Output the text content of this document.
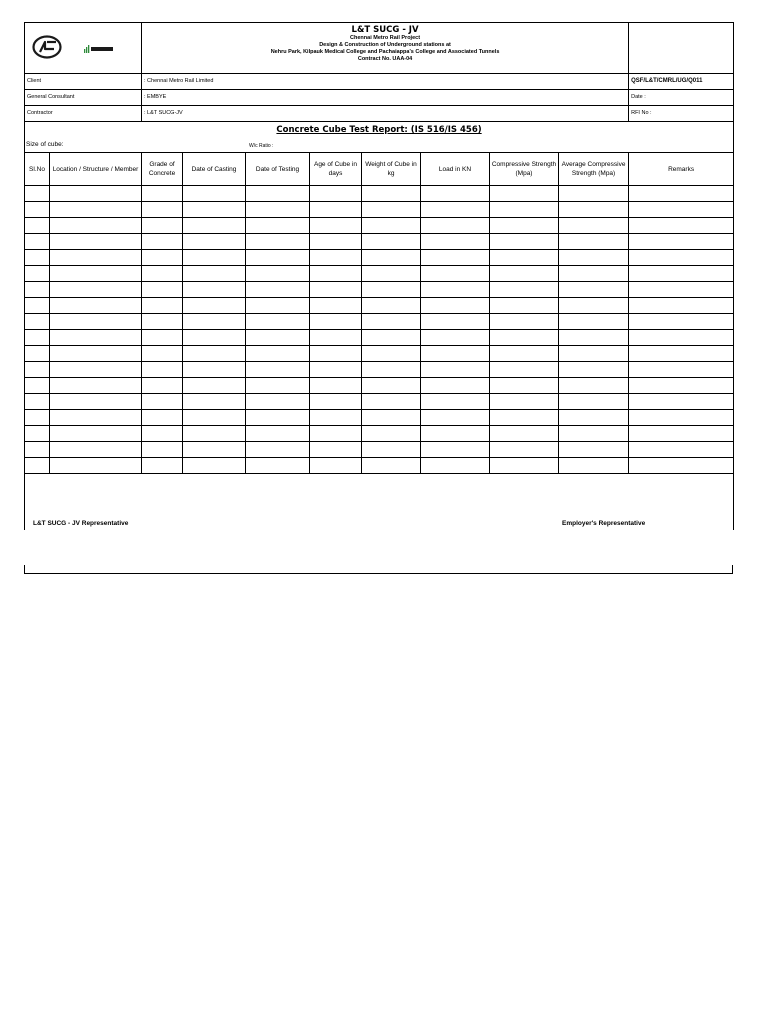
L&T SUCG - JV
Chennai Metro Rail Project
Design & Construction of Underground stations at
Nehru Park, Kilpauk Medical College and Pachaiappa's College and Associated Tunnels
Contract No. UAA-04								

Client		: Chennai Metro Rail Limited								QSF/L&T/CMRL/UG/Q011
General Consultant		: EMBYE								Date :
Contractor		: L&T SUCG-JV								RFI No :
Concrete Cube Test Report: (IS 516/IS 456)										

Size of cube: W/c Ratio :										

Sl.No	Location / Structure / Member	Grade of Concrete	Date of Casting	Date of Testing	Age of Cube in days	Weight of Cube in kg	Load in KN	Compressive Strength (Mpa)	Average Compressive Strength (Mpa)	Remarks

L&T SUCG - JV Representative Employer's Representative										
